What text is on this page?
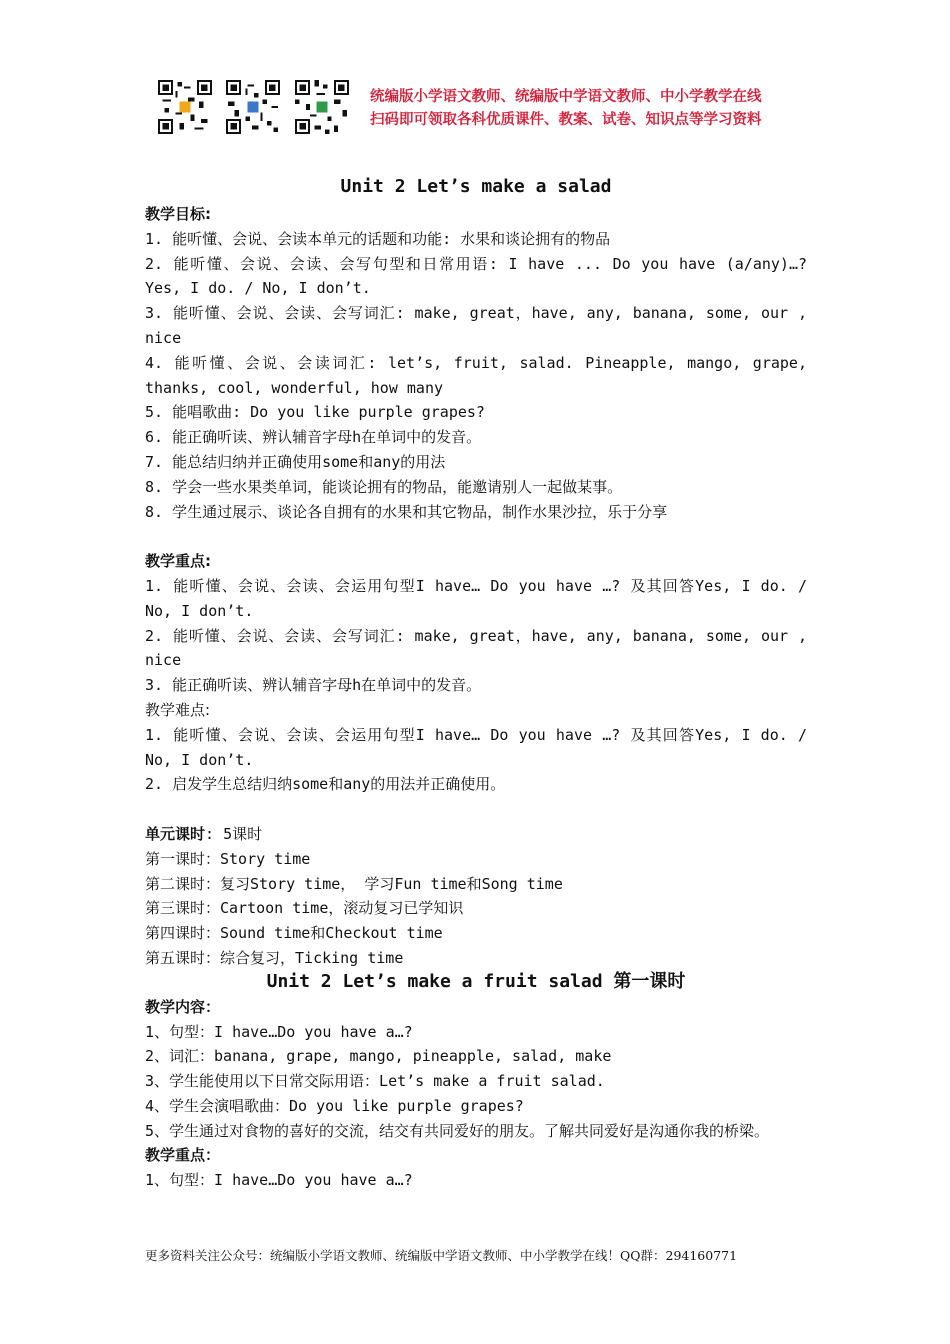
统编版小学语文教师、统编版中学语文教师、中小学教学在线
扫码即可领取各科优质课件、教案、试卷、知识点等学习资料
Unit 2 Let’s make a salad
教学目标:
1. 能听懂、会说、会读本单元的话题和功能: 水果和谈论拥有的物品
2. 能听懂、会说、会读、会写句型和日常用语: I have ... Do you have (a/any)…? Yes, I do. / No, I don’t.
3. 能听懂、会说、会读、会写词汇: make, great，have, any, banana, some, our , nice
4. 能听懂、会说、会读词汇: let’s, fruit, salad. Pineapple, mango, grape, thanks, cool, wonderful, how many
5. 能唱歌曲: Do you like purple grapes?
6. 能正确听读、辨认辅音字母h在单词中的发音。
7. 能总结归纳并正确使用some和any的用法
8. 学会一些水果类单词，能谈论拥有的物品，能邀请别人一起做某事。
8. 学生通过展示、谈论各自拥有的水果和其它物品，制作水果沙拉，乐于分享
教学重点:
1. 能听懂、会说、会读、会运用句型I have… Do you have …? 及其回答Yes, I do. / No, I don’t.
2. 能听懂、会说、会读、会写词汇: make, great，have, any, banana, some, our , nice
3. 能正确听读、辨认辅音字母h在单词中的发音。
教学难点:
1. 能听懂、会说、会读、会运用句型I have… Do you have …? 及其回答Yes, I do. / No, I don’t.
2. 启发学生总结归纳some和any的用法并正确使用。
单元课时: 5课时
第一课时：Story time
第二课时：复习Story time， 学习Fun time和Song time
第三课时：Cartoon time，滚动复习已学知识
第四课时：Sound time和Checkout time
第五课时：综合复习，Ticking time
Unit 2 Let’s make a fruit salad 第一课时
教学内容：
1、句型：I have…Do you have a…?
2、词汇：banana, grape, mango, pineapple, salad, make
3、学生能使用以下日常交际用语：Let’s make a fruit salad.
4、学生会演唱歌曲：Do you like purple grapes?
5、学生通过对食物的喜好的交流，结交有共同爱好的朋友。了解共同爱好是沟通你我的桥梁。
教学重点：
1、句型：I have…Do you have a…?
更多资料关注公众号：统编版小学语文教师、统编版中学语文教师、中小学教学在线！QQ群：294160771
